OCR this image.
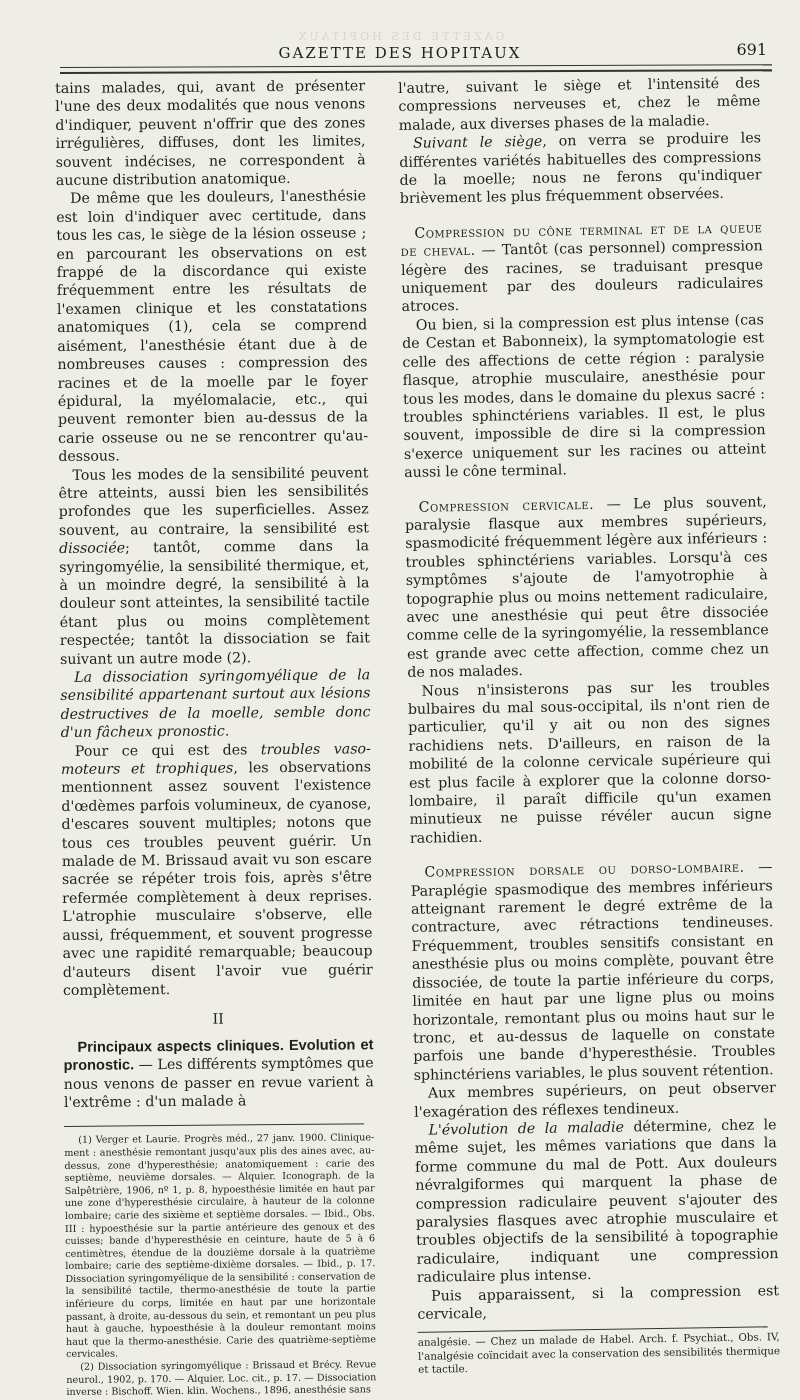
GAZETTE DES HOPITAUX
GAZETTE DES HOPITAUX	691

tains malades, qui, avant de présenter l'une des deux modalités que nous venons d'indiquer, peuvent n'offrir que des zones irrégulières, diffuses, dont les limites, souvent indécises, ne correspondent à aucune distribution anatomique.

De même que les douleurs, l'anesthésie est loin d'indiquer avec certitude, dans tous les cas, le siège de la lésion osseuse ; en parcourant les observations on est frappé de la discordance qui existe fréquemment entre les résultats de l'examen clinique et les constatations anatomiques (1), cela se comprend aisément, l'anesthésie étant due à de nombreuses causes : compression des racines et de la moelle par le foyer épidural, la myélomalacie, etc., qui peuvent remonter bien au-dessus de la carie osseuse ou ne se rencontrer qu'au-dessous.

Tous les modes de la sensibilité peuvent être atteints, aussi bien les sensibilités profondes que les superficielles. Assez souvent, au contraire, la sensibilité est dissociée; tantôt, comme dans la syringomyélie, la sensibilité thermique, et, à un moindre degré, la sensibilité à la douleur sont atteintes, la sensibilité tactile étant plus ou moins complètement respectée; tantôt la dissociation se fait suivant un autre mode (2).

La dissociation syringomyélique de la sensibilité appartenant surtout aux lésions destructives de la moelle, semble donc d'un fâcheux pronostic.

Pour ce qui est des troubles vaso-moteurs et trophiques, les observations mentionnent assez souvent l'existence d'œdèmes parfois volumineux, de cyanose, d'escares souvent multiples; notons que tous ces troubles peuvent guérir. Un malade de M. Brissaud avait vu son escare sacrée se répéter trois fois, après s'être refermée complètement à deux reprises. L'atrophie musculaire s'observe, elle aussi, fréquemment, et souvent progresse avec une rapidité remarquable; beaucoup d'auteurs disent l'avoir vue guérir complètement.

II

Principaux aspects cliniques. Evolution et pronostic. — Les différents symptômes que nous venons de passer en revue varient à l'extrême : d'un malade à

(1) Verger et Laurie. Progrès méd., 27 janv. 1900. Clinique-ment : anesthésie remontant jusqu'aux plis des aines avec, au-dessus, zone d'hyperesthésie; anatomiquement : carie des septième, neuvième dorsales. — Alquier. Iconograph. de la Salpêtrière, 1906, nº 1, p. 8, hypoesthésie limitée en haut par une zone d'hyperesthésie circulaire, à hauteur de la colonne lombaire; carie des sixième et septième dorsales. — Ibid., Obs. III : hypoesthésie sur la partie antérieure des genoux et des cuisses; bande d'hyperesthésie en ceinture, haute de 5 à 6 centimètres, étendue de la douzième dorsale à la quatrième lombaire; carie des septième-dixième dorsales. — Ibid., p. 17. Dissociation syringomyélique de la sensibilité : conservation de la sensibilité tactile, thermo-anesthésie de toute la partie inférieure du corps, limitée en haut par une horizontale passant, à droite, au-dessous du sein, et remontant un peu plus haut à gauche, hypoesthésie à la douleur remontant moins haut que la thermo-anesthésie. Carie des quatrième-septième cervicales.

(2) Dissociation syringomyélique : Brissaud et Brécy. Revue neurol., 1902, p. 170. — Alquier. Loc. cit., p. 17. — Dissociation inverse : Bischoff. Wien. klin. Wochens., 1896, anesthésie sans

l'autre, suivant le siège et l'intensité des compressions nerveuses et, chez le même malade, aux diverses phases de la maladie.

Suivant le siège, on verra se produire les différentes variétés habituelles des compressions de la moelle; nous ne ferons qu'indiquer brièvement les plus fréquemment observées.

Compression du cône terminal et de la queue de cheval. — Tantôt (cas personnel) compression légère des racines, se traduisant presque uniquement par des douleurs radiculaires atroces.

Ou bien, si la compression est plus intense (cas de Cestan et Babonneix), la symptomatologie est celle des affections de cette région : paralysie flasque, atrophie musculaire, anesthésie pour tous les modes, dans le domaine du plexus sacré : troubles sphinctériens variables. Il est, le plus souvent, impossible de dire si la compression s'exerce uniquement sur les racines ou atteint aussi le cône terminal.

Compression cervicale. — Le plus souvent, paralysie flasque aux membres supérieurs, spasmodicité fréquemment légère aux inférieurs : troubles sphinctériens variables. Lorsqu'à ces symptômes s'ajoute de l'amyotrophie à topographie plus ou moins nettement radiculaire, avec une anesthésie qui peut être dissociée comme celle de la syringomyélie, la ressemblance est grande avec cette affection, comme chez un de nos malades.

Nous n'insisterons pas sur les troubles bulbaires du mal sous-occipital, ils n'ont rien de particulier, qu'il y ait ou non des signes rachidiens nets. D'ailleurs, en raison de la mobilité de la colonne cervicale supérieure qui est plus facile à explorer que la colonne dorso-lombaire, il paraît difficile qu'un examen minutieux ne puisse révéler aucun signe rachidien.

Compression dorsale ou dorso-lombaire. — Paraplégie spasmodique des membres inférieurs atteignant rarement le degré extrême de la contracture, avec rétractions tendineuses. Fréquemment, troubles sensitifs consistant en anesthésie plus ou moins complète, pouvant être dissociée, de toute la partie inférieure du corps, limitée en haut par une ligne plus ou moins horizontale, remontant plus ou moins haut sur le tronc, et au-dessus de laquelle on constate parfois une bande d'hyperesthésie. Troubles sphinctériens variables, le plus souvent rétention.

Aux membres supérieurs, on peut observer l'exagération des réflexes tendineux.

L'évolution de la maladie détermine, chez le même sujet, les mêmes variations que dans la forme commune du mal de Pott. Aux douleurs névralgiformes qui marquent la phase de compression radiculaire peuvent s'ajouter des paralysies flasques avec atrophie musculaire et troubles objectifs de la sensibilité à topographie radiculaire, indiquant une compression radiculaire plus intense.

Puis apparaissent, si la compression est cervicale,

analgésie. — Chez un malade de Habel. Arch. f. Psychiat., Obs. IV, l'analgésie coïncidait avec la conservation des sensibilités thermique et tactile.
